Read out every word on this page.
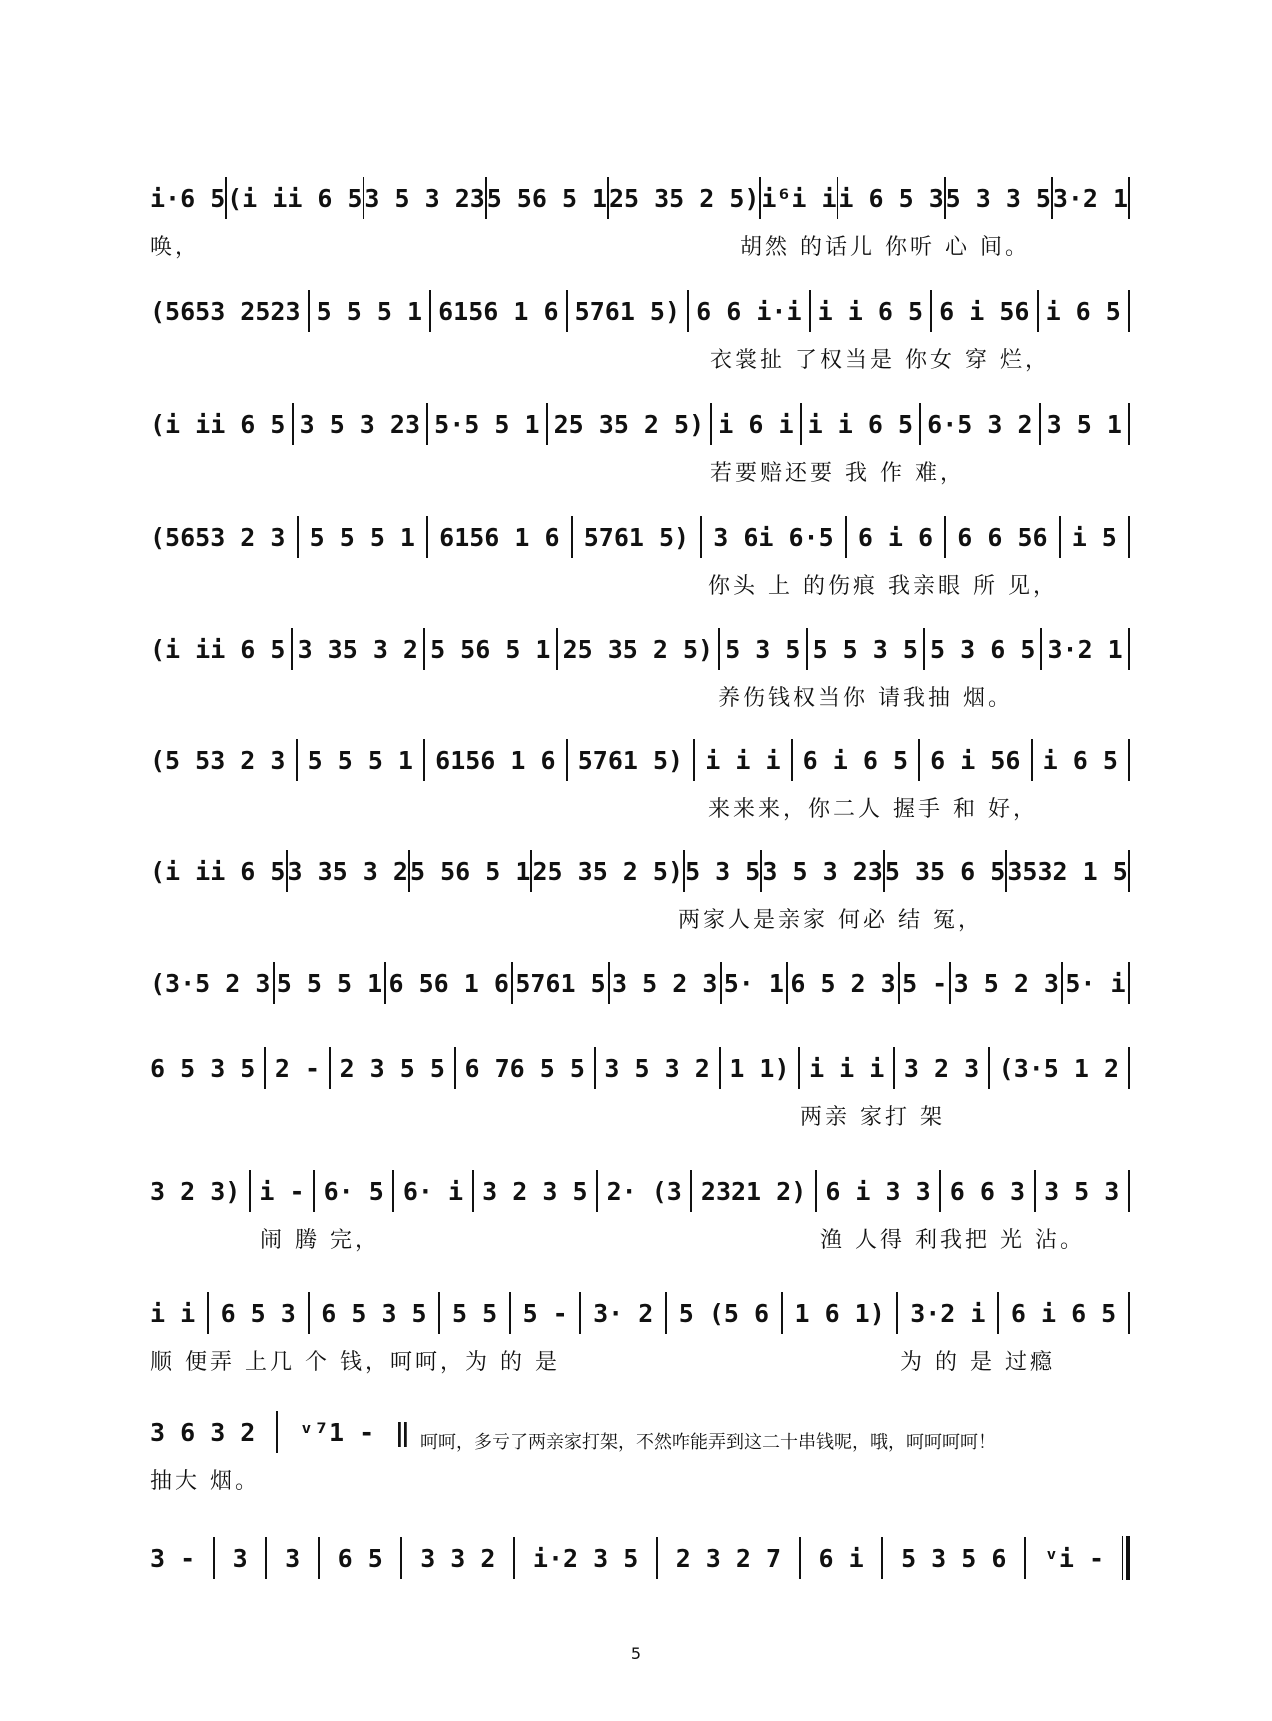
i·6 5 (i ii 6 5 3 5 3 23 5 56 5 1 25 35 2 5) i⁶i i i 6 5 3 5 3 3 5 3·2 1
唤，	胡然 的话儿 你听 心 间。
(5653 2523 5 5 5 1 6156 1 6 5761 5) 6 6 i·i i i 6 5 6 i 56 i 6 5
衣裳扯 了权当是 你女 穿 烂，
(i ii 6 5 3 5 3 23 5·5 5 1 25 35 2 5) i 6 i i i 6 5 6·5 3 2 3 5 1
若要赔还要 我 作 难，
(5653 2 3 5 5 5 1 6156 1 6 5761 5) 3 6i 6·5 6 i 6 6 6 56 i 5
你头 上 的伤痕 我亲眼 所 见，
(i ii 6 5 3 35 3 2 5 56 5 1 25 35 2 5) 5 3 5 5 5 3 5 5 3 6 5 3·2 1
养伤钱权当你 请我抽 烟。
(5 53 2 3 5 5 5 1 6156 1 6 5761 5) i i i 6 i 6 5 6 i 56 i 6 5
来来来，你二人 握手 和 好，
(i ii 6 5 3 35 3 2 5 56 5 1 25 35 2 5) 5 3 5 3 5 3 23 5 35 6 5 3532 1 5
两家人是亲家 何必 结 冤，
(3·5 2 3 5 5 5 1 6 56 1 6 5761 5 3 5 2 3 5· 1 6 5 2 3 5 - 3 5 2 3 5· i
6 5 3 5 2 - 2 3 5 5 6 76 5 5 3 5 3 2 1 1) i i i 3 2 3 (3·5 1 2
两亲 家打 架
3 2 3) i - 6· 5 6· i 3 2 3 5 2· (3 2321 2) 6 i 3 3 6 6 3 3 5 3
闹 腾 完，	渔 人得 利我把 光 沾。
i i 6 5 3 6 5 3 5 5 5 5 - 3· 2 5 (5 6 1 6 1) 3·2 i 6 i 6 5
顺 便弄 上几 个 钱，呵呵，为 的 是	为 的 是 过瘾
3 6 3 2 ᵛ⁷1 - ‖
抽大 烟。
呵呵，多亏了两亲家打架，不然咋能弄到这二十串钱呢，哦，呵呵呵呵！
3 - 3 3 6 5 3 3 2 i·2 3 5 2 3 2 7 6 i 5 3 5 6 ᵛi -
5
